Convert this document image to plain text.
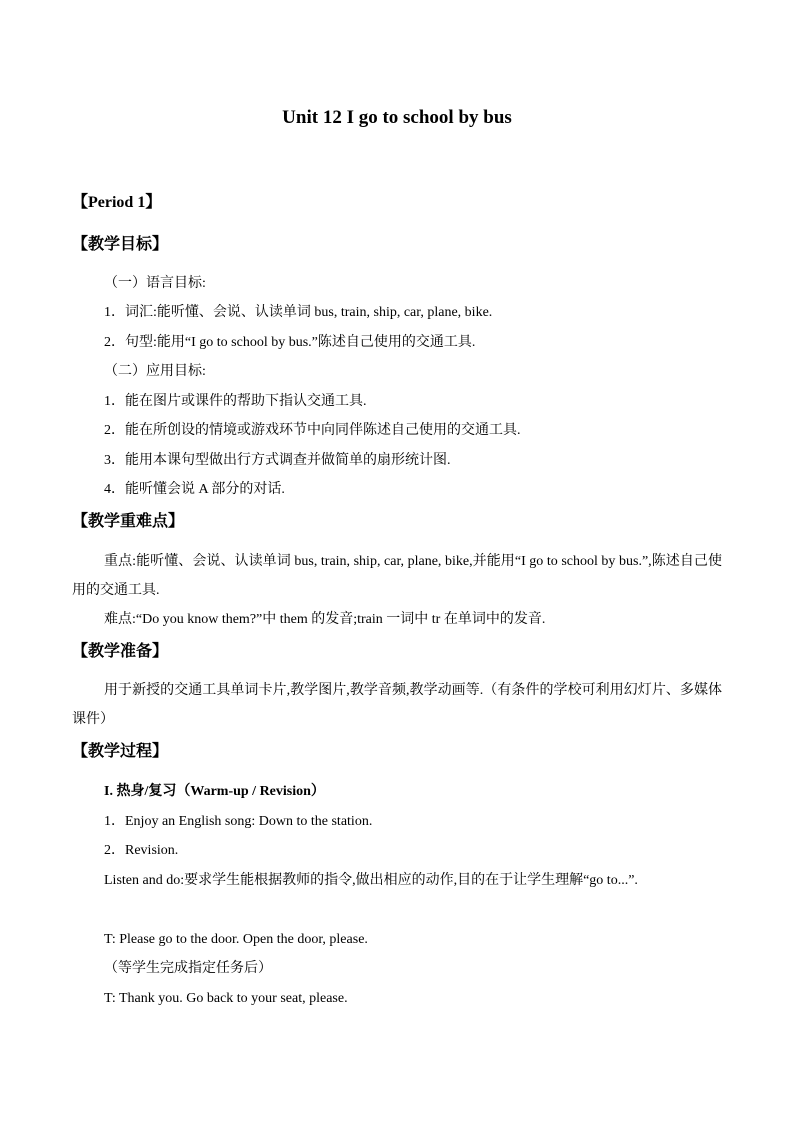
Unit 12 I go to school by bus
【Period 1】
【教学目标】
（一）语言目标:
1．词汇:能听懂、会说、认读单词 bus, train, ship, car, plane, bike.
2．句型:能用“I go to school by bus.”陈述自己使用的交通工具.
（二）应用目标:
1．能在图片或课件的帮助下指认交通工具.
2．能在所创设的情境或游戏环节中向同伴陈述自己使用的交通工具.
3．能用本课句型做出行方式调查并做简单的扇形统计图.
4．能听懂会说 A 部分的对话.
【教学重难点】
重点:能听懂、会说、认读单词 bus, train, ship, car, plane, bike,并能用“I go to school by bus.”,陈述自己使用的交通工具.
难点:“Do you know them?”中 them 的发音;train 一词中 tr 在单词中的发音.
【教学准备】
用于新授的交通工具单词卡片,教学图片,教学音频,教学动画等.（有条件的学校可利用幻灯片、多媒体课件）
【教学过程】
I. 热身/复习（Warm-up / Revision）
1．Enjoy an English song: Down to the station.
2．Revision.
Listen and do:要求学生能根据教师的指令,做出相应的动作,目的在于让学生理解“go to...”.
T: Please go to the door. Open the door, please.
（等学生完成指定任务后）
T: Thank you. Go back to your seat, please.
